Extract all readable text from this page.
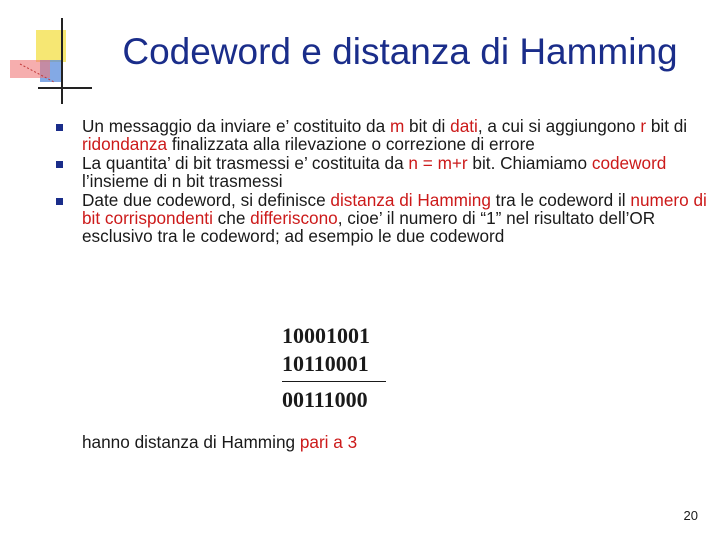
Codeword e distanza di Hamming
Un messaggio da inviare e’ costituito da m bit di dati, a cui si aggiungono r bit di ridondanza finalizzata alla rilevazione o correzione di errore
La quantita’ di bit trasmessi e’ costituita da n = m+r bit. Chiamiamo codeword l’insieme di n bit trasmessi
Date due codeword, si definisce distanza di Hamming tra le codeword il numero di bit corrispondenti che differiscono, cioe’ il numero di “1” nel risultato dell’OR esclusivo tra le codeword; ad esempio le due codeword
10001001
10110001
00111000
hanno distanza di Hamming pari a 3
20
